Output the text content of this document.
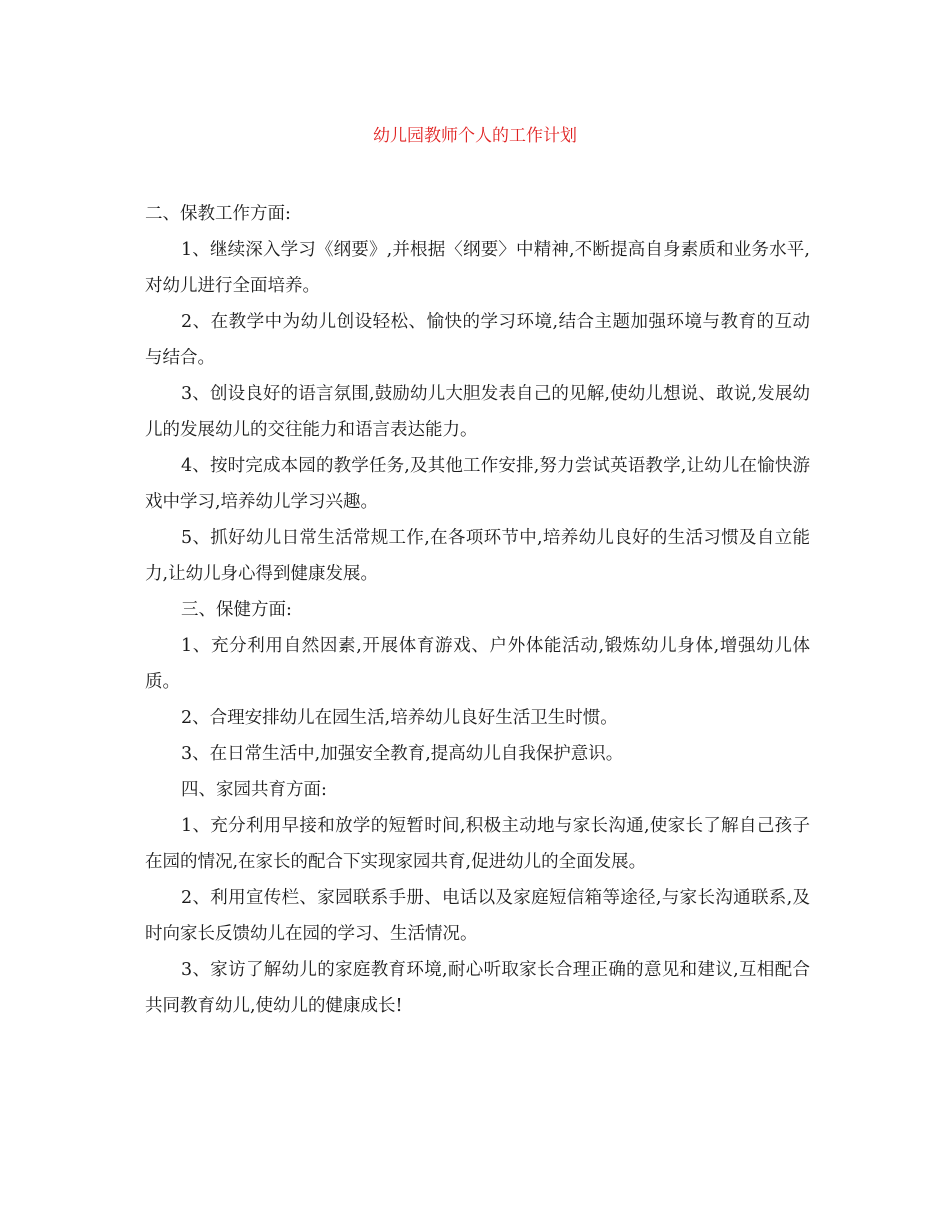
幼儿园教师个人的工作计划

二、保教工作方面:

1、继续深入学习《纲要》,并根据〈纲要〉中精神,不断提高自身素质和业务水平,对幼儿进行全面培养。

2、在教学中为幼儿创设轻松、愉快的学习环境,结合主题加强环境与教育的互动与结合。

3、创设良好的语言氛围,鼓励幼儿大胆发表自己的见解,使幼儿想说、敢说,发展幼儿的发展幼儿的交往能力和语言表达能力。

4、按时完成本园的教学任务,及其他工作安排,努力尝试英语教学,让幼儿在愉快游戏中学习,培养幼儿学习兴趣。

5、抓好幼儿日常生活常规工作,在各项环节中,培养幼儿良好的生活习惯及自立能力,让幼儿身心得到健康发展。

三、保健方面:

1、充分利用自然因素,开展体育游戏、户外体能活动,锻炼幼儿身体,增强幼儿体质。

2、合理安排幼儿在园生活,培养幼儿良好生活卫生时惯。

3、在日常生活中,加强安全教育,提高幼儿自我保护意识。

四、家园共育方面:

1、充分利用早接和放学的短暂时间,积极主动地与家长沟通,使家长了解自己孩子在园的情况,在家长的配合下实现家园共育,促进幼儿的全面发展。

2、利用宣传栏、家园联系手册、电话以及家庭短信箱等途径,与家长沟通联系,及时向家长反馈幼儿在园的学习、生活情况。

3、家访了解幼儿的家庭教育环境,耐心听取家长合理正确的意见和建议,互相配合共同教育幼儿,使幼儿的健康成长!
